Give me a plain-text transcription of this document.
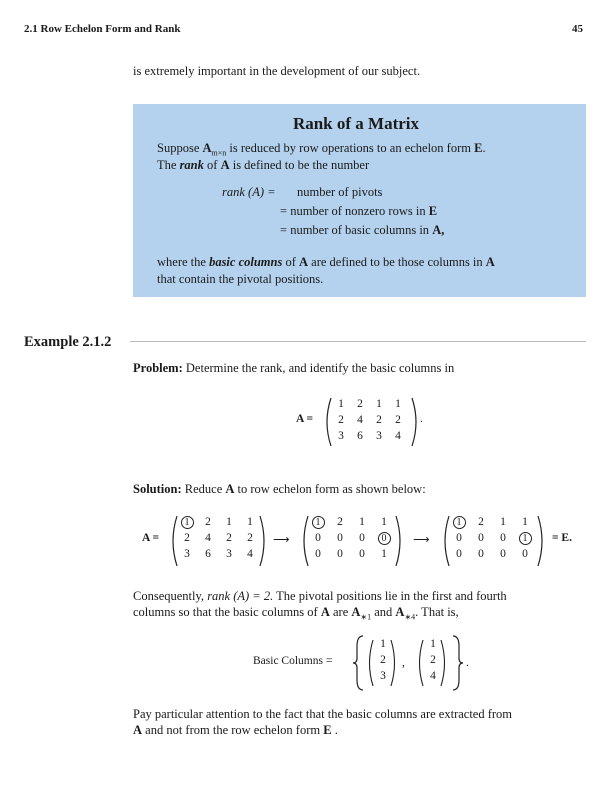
2.1 Row Echelon Form and Rank	45
is extremely important in the development of our subject.
Rank of a Matrix
Suppose $A_{m\times n}$ is reduced by row operations to an echelon form E.
The rank of A is defined to be the number
rank (A) = number of pivots
= number of nonzero rows in E
= number of basic columns in A,
where the basic columns of A are defined to be those columns in A
that contain the pivotal positions.
Example 2.1.2
Problem: Determine the rank, and identify the basic columns in
A =	.
1	2	1	1
2	4	2	2
3	6	3	4
Solution: Reduce A to row echelon form as shown below:
A =
1	2	1	1
2	4	2	2
3	6	3	4
⟶
1	2	1	1
0	0	0	0
0	0	0	1
⟶
1	2	1	1
0	0	0	1
0	0	0	0
= E.
Consequently, rank (A) = 2. The pivotal positions lie in the first and fourth
columns so that the basic columns of A are $A_{∗1}$ and $A_{∗4}$. That is,
Basic Columns =
1
2
3
,
1
2
4
.
Pay particular attention to the fact that the basic columns are extracted from
A and not from the row echelon form E .
